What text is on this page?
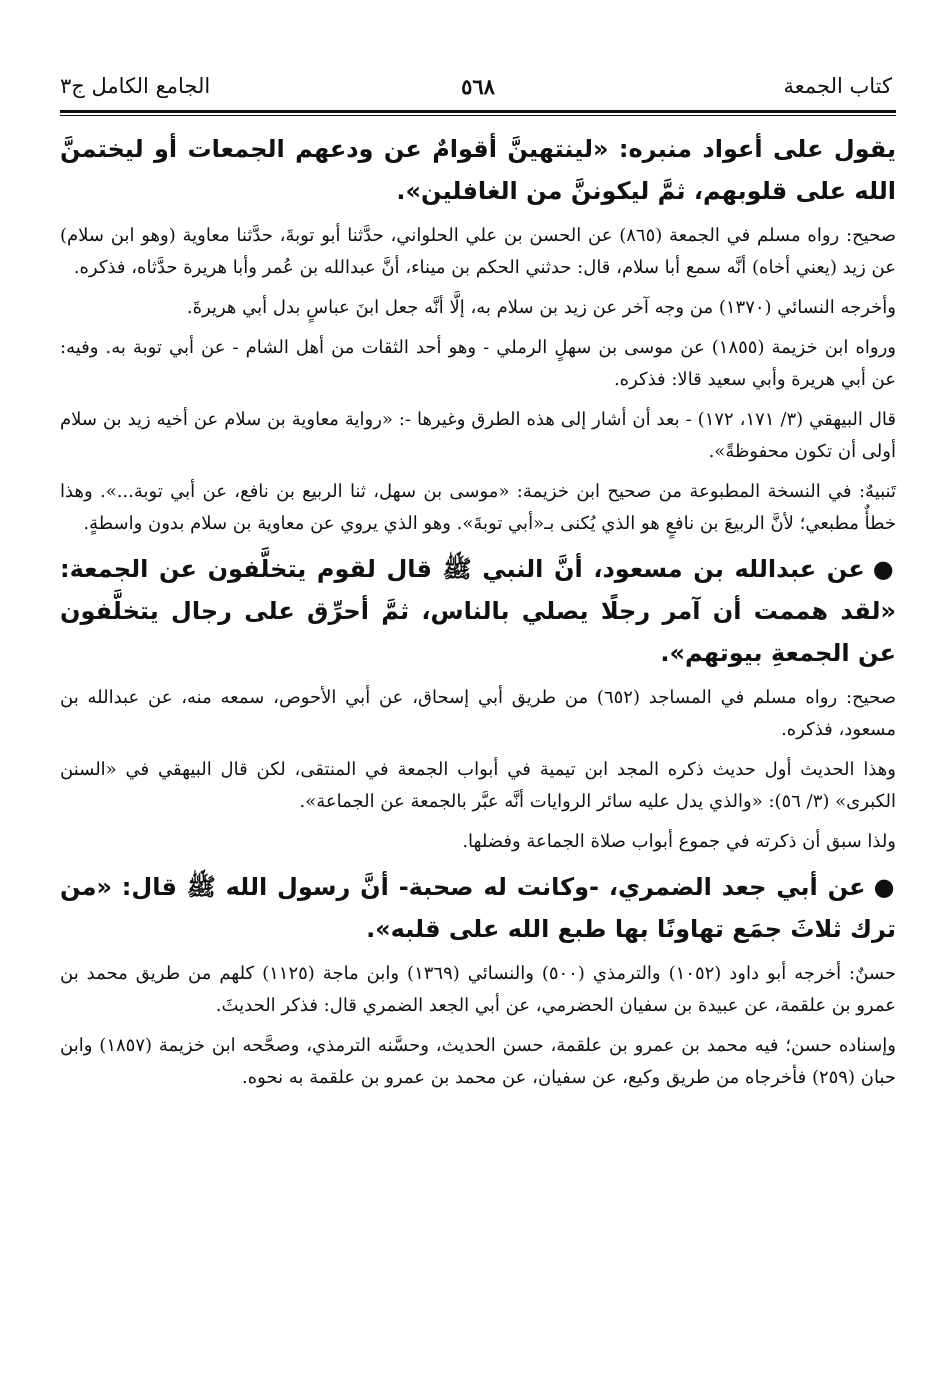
كتاب الجمعة
٥٦٨
الجامع الكامل ج٣

يقول على أعواد منبره: «لينتهينَّ أقوامٌ عن ودعهم الجمعات أو ليختمنَّ الله على قلوبهم، ثمَّ ليكوننَّ من الغافلين».

صحيح: رواه مسلم في الجمعة (٨٦٥) عن الحسن بن علي الحلواني، حدَّثنا أبو توبةَ، حدَّثنا معاوية (وهو ابن سلام) عن زيد (يعني أخاه) أنَّه سمع أبا سلام، قال: حدثني الحكم بن ميناء، أنَّ عبدالله بن عُمر وأبا هريرة حدَّثاه، فذكره.

وأخرجه النسائي (١٣٧٠) من وجه آخر عن زيد بن سلام به، إلَّا أنَّه جعل ابنَ عباسٍ بدل أبي هريرةَ.

ورواه ابن خزيمة (١٨٥٥) عن موسى بن سهلٍ الرملي - وهو أحد الثقات من أهل الشام - عن أبي توبة به. وفيه: عن أبي هريرة وأبي سعيد قالا: فذكره.

قال البيهقي (٣/ ١٧١، ١٧٢) - بعد أن أشار إلى هذه الطرق وغيرها -: «رواية معاوية بن سلام عن أخيه زيد بن سلام أولى أن تكون محفوظةً».

تَنبيهٌ: في النسخة المطبوعة من صحيح ابن خزيمة: «موسى بن سهل، ثنا الربيع بن نافع، عن أبي توبة...». وهذا خطأٌ مطبعي؛ لأنَّ الربيعَ بن نافعٍ هو الذي يُكنى بـ«أبي توبةَ». وهو الذي يروي عن معاوية بن سلام بدون واسطةٍ.

●عن عبدالله بن مسعود، أنَّ النبي ﷺ قال لقوم يتخلَّفون عن الجمعة: «لقد هممت أن آمر رجلًا يصلي بالناس، ثمَّ أحرِّق على رجال يتخلَّفون عن الجمعةِ بيوتهم».

صحيح: رواه مسلم في المساجد (٦٥٢) من طريق أبي إسحاق، عن أبي الأحوص، سمعه منه، عن عبدالله بن مسعود، فذكره.

وهذا الحديث أول حديث ذكره المجد ابن تيمية في أبواب الجمعة في المنتقى، لكن قال البيهقي في «السنن الكبرى» (٣/ ٥٦): «والذي يدل عليه سائر الروايات أنَّه عبَّر بالجمعة عن الجماعة».

ولذا سبق أن ذكرته في جموع أبواب صلاة الجماعة وفضلها.

●عن أبي جعد الضمري، -وكانت له صحبة- أنَّ رسول الله ﷺ قال: «من ترك ثلاثَ جمَع تهاونًا بها طبع الله على قلبه».

حسنٌ: أخرجه أبو داود (١٠٥٢) والترمذي (٥٠٠) والنسائي (١٣٦٩) وابن ماجة (١١٢٥) كلهم من طريق محمد بن عمرو بن علقمة، عن عبيدة بن سفيان الحضرمي، عن أبي الجعد الضمري قال: فذكر الحديثَ.

وإسناده حسن؛ فيه محمد بن عمرو بن علقمة، حسن الحديث، وحسَّنه الترمذي، وصحَّحه ابن خزيمة (١٨٥٧) وابن حبان (٢٥٩) فأخرجاه من طريق وكيع، عن سفيان، عن محمد بن عمرو بن علقمة به نحوه.
